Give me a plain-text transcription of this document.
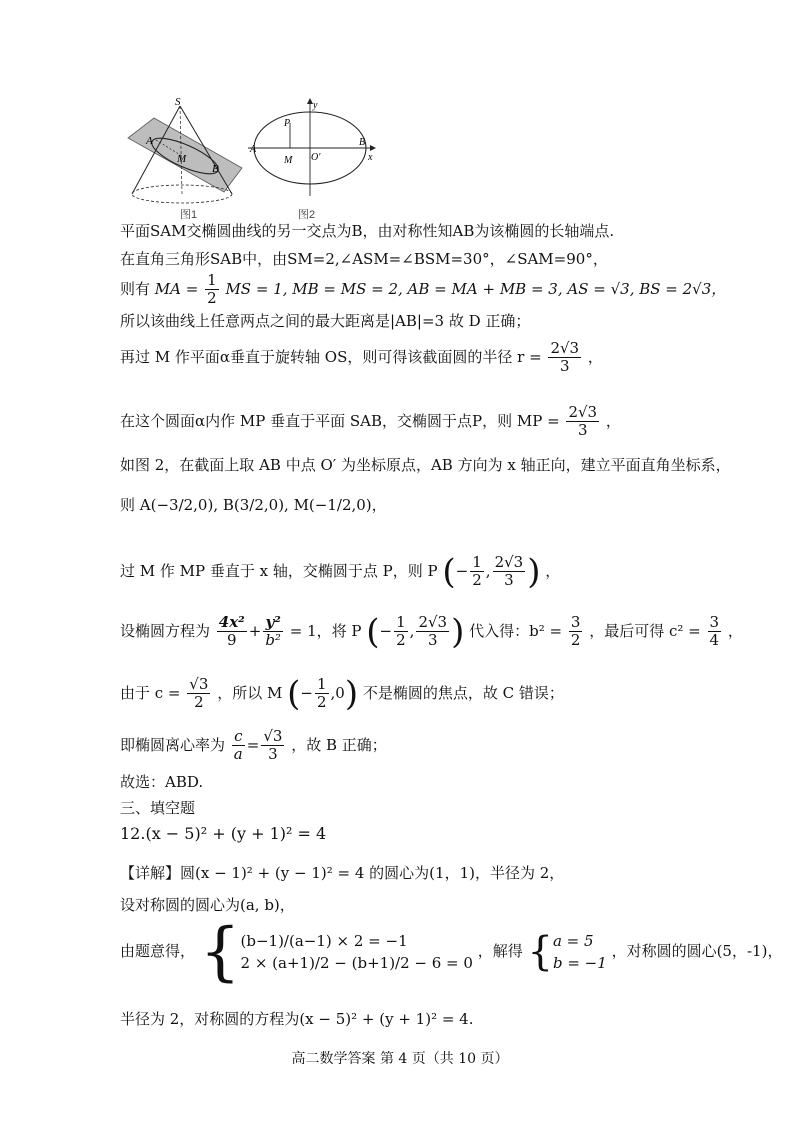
S
A
M
B
图1
y
P
A
M O′
B
x
图2
平面SAM交椭圆曲线的另一交点为B，由对称性知AB为该椭圆的长轴端点.
在直角三角形SAB中，由SM=2,∠ASM=∠BSM=30°，∠SAM=90°，
则有 MA = $\frac{1}{2}$ MS = 1, MB = MS = 2, AB = MA + MB = 3, AS = √3, BS = 2√3，
所以该曲线上任意两点之间的最大距离是|AB|=3 故 D 正确；
再过 M 作平面α垂直于旋转轴 OS，则可得该截面圆的半径 $r = \frac{2√3}{3}$ ，
在这个圆面α内作 MP 垂直于平面 SAB，交椭圆于点P，则 MP = $\frac{2√3}{3}$ ，
如图 2，在截面上取 AB 中点 O′ 为坐标原点，AB 方向为 x 轴正向，建立平面直角坐标系，
则 A(−3/2,0), B(3/2,0), M(−1/2,0)，
过 M 作 MP 垂直于 x 轴，交椭圆于点 P，则 P (− $\frac{1}{2}$ , $\frac{2√3}{3}$ ) ，
设椭圆方程为 $\frac{\text{4x²}}{9} + \frac{\text{y²}}{\text{b²}} = 1$，将 P (− $\frac{1}{2}$ , $\frac{2√3}{3}$ ) 代入得：$b^2 = \frac{3}{2}$ ，最后可得 $c^2 = \frac{3}{4}$ ，
由于 $c = \frac{√3}{2}$ ，所以 M (− $\frac{1}{2} ,0$) 不是椭圆的焦点，故 C 错误；
即椭圆离心率为 $\frac{c}{a} = \frac{√3}{3}$ ，故 B 正确；
故选：ABD.
三、填空题
12.(x − 5)² + (y + 1)² = 4
【详解】圆(x − 1)² + (y − 1)² = 4 的圆心为(1，1)，半径为 2，
设对称圆的圆心为(a, b)，
由题意得， { (b−1)/(a−1) × 2 = −1
2 × (a+1)/2 − (b+1)/2 − 6 = 0
，解得 { a = 5
b = −1
，对称圆的圆心(5，-1)，
半径为 2，对称圆的方程为(x − 5)² + (y + 1)² = 4.
高二数学答案 第 4 页（共 10 页）
